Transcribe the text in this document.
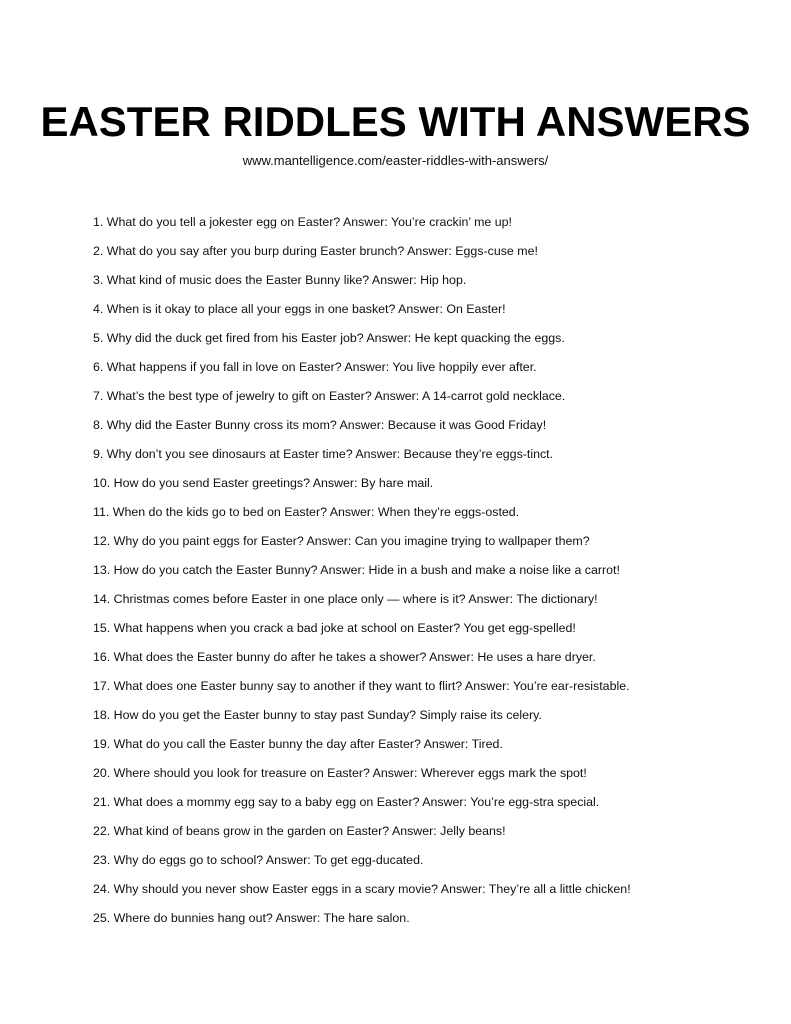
EASTER RIDDLES WITH ANSWERS
www.mantelligence.com/easter-riddles-with-answers/
1. What do you tell a jokester egg on Easter? Answer: You’re crackin’ me up!
2. What do you say after you burp during Easter brunch? Answer: Eggs-cuse me!
3. What kind of music does the Easter Bunny like? Answer: Hip hop.
4. When is it okay to place all your eggs in one basket? Answer: On Easter!
5. Why did the duck get fired from his Easter job? Answer: He kept quacking the eggs.
6. What happens if you fall in love on Easter? Answer: You live hoppily ever after.
7. What’s the best type of jewelry to gift on Easter? Answer: A 14-carrot gold necklace.
8. Why did the Easter Bunny cross its mom? Answer: Because it was Good Friday!
9. Why don’t you see dinosaurs at Easter time? Answer: Because they’re eggs-tinct.
10. How do you send Easter greetings? Answer: By hare mail.
11. When do the kids go to bed on Easter? Answer: When they’re eggs-osted.
12. Why do you paint eggs for Easter? Answer: Can you imagine trying to wallpaper them?
13. How do you catch the Easter Bunny? Answer: Hide in a bush and make a noise like a carrot!
14. Christmas comes before Easter in one place only — where is it? Answer: The dictionary!
15. What happens when you crack a bad joke at school on Easter? You get egg-spelled!
16. What does the Easter bunny do after he takes a shower? Answer: He uses a hare dryer.
17. What does one Easter bunny say to another if they want to flirt? Answer: You’re ear-resistable.
18. How do you get the Easter bunny to stay past Sunday? Simply raise its celery.
19. What do you call the Easter bunny the day after Easter? Answer: Tired.
20. Where should you look for treasure on Easter? Answer: Wherever eggs mark the spot!
21. What does a mommy egg say to a baby egg on Easter? Answer: You’re egg-stra special.
22. What kind of beans grow in the garden on Easter? Answer: Jelly beans!
23. Why do eggs go to school? Answer: To get egg-ducated.
24. Why should you never show Easter eggs in a scary movie? Answer: They’re all a little chicken!
25. Where do bunnies hang out? Answer: The hare salon.
